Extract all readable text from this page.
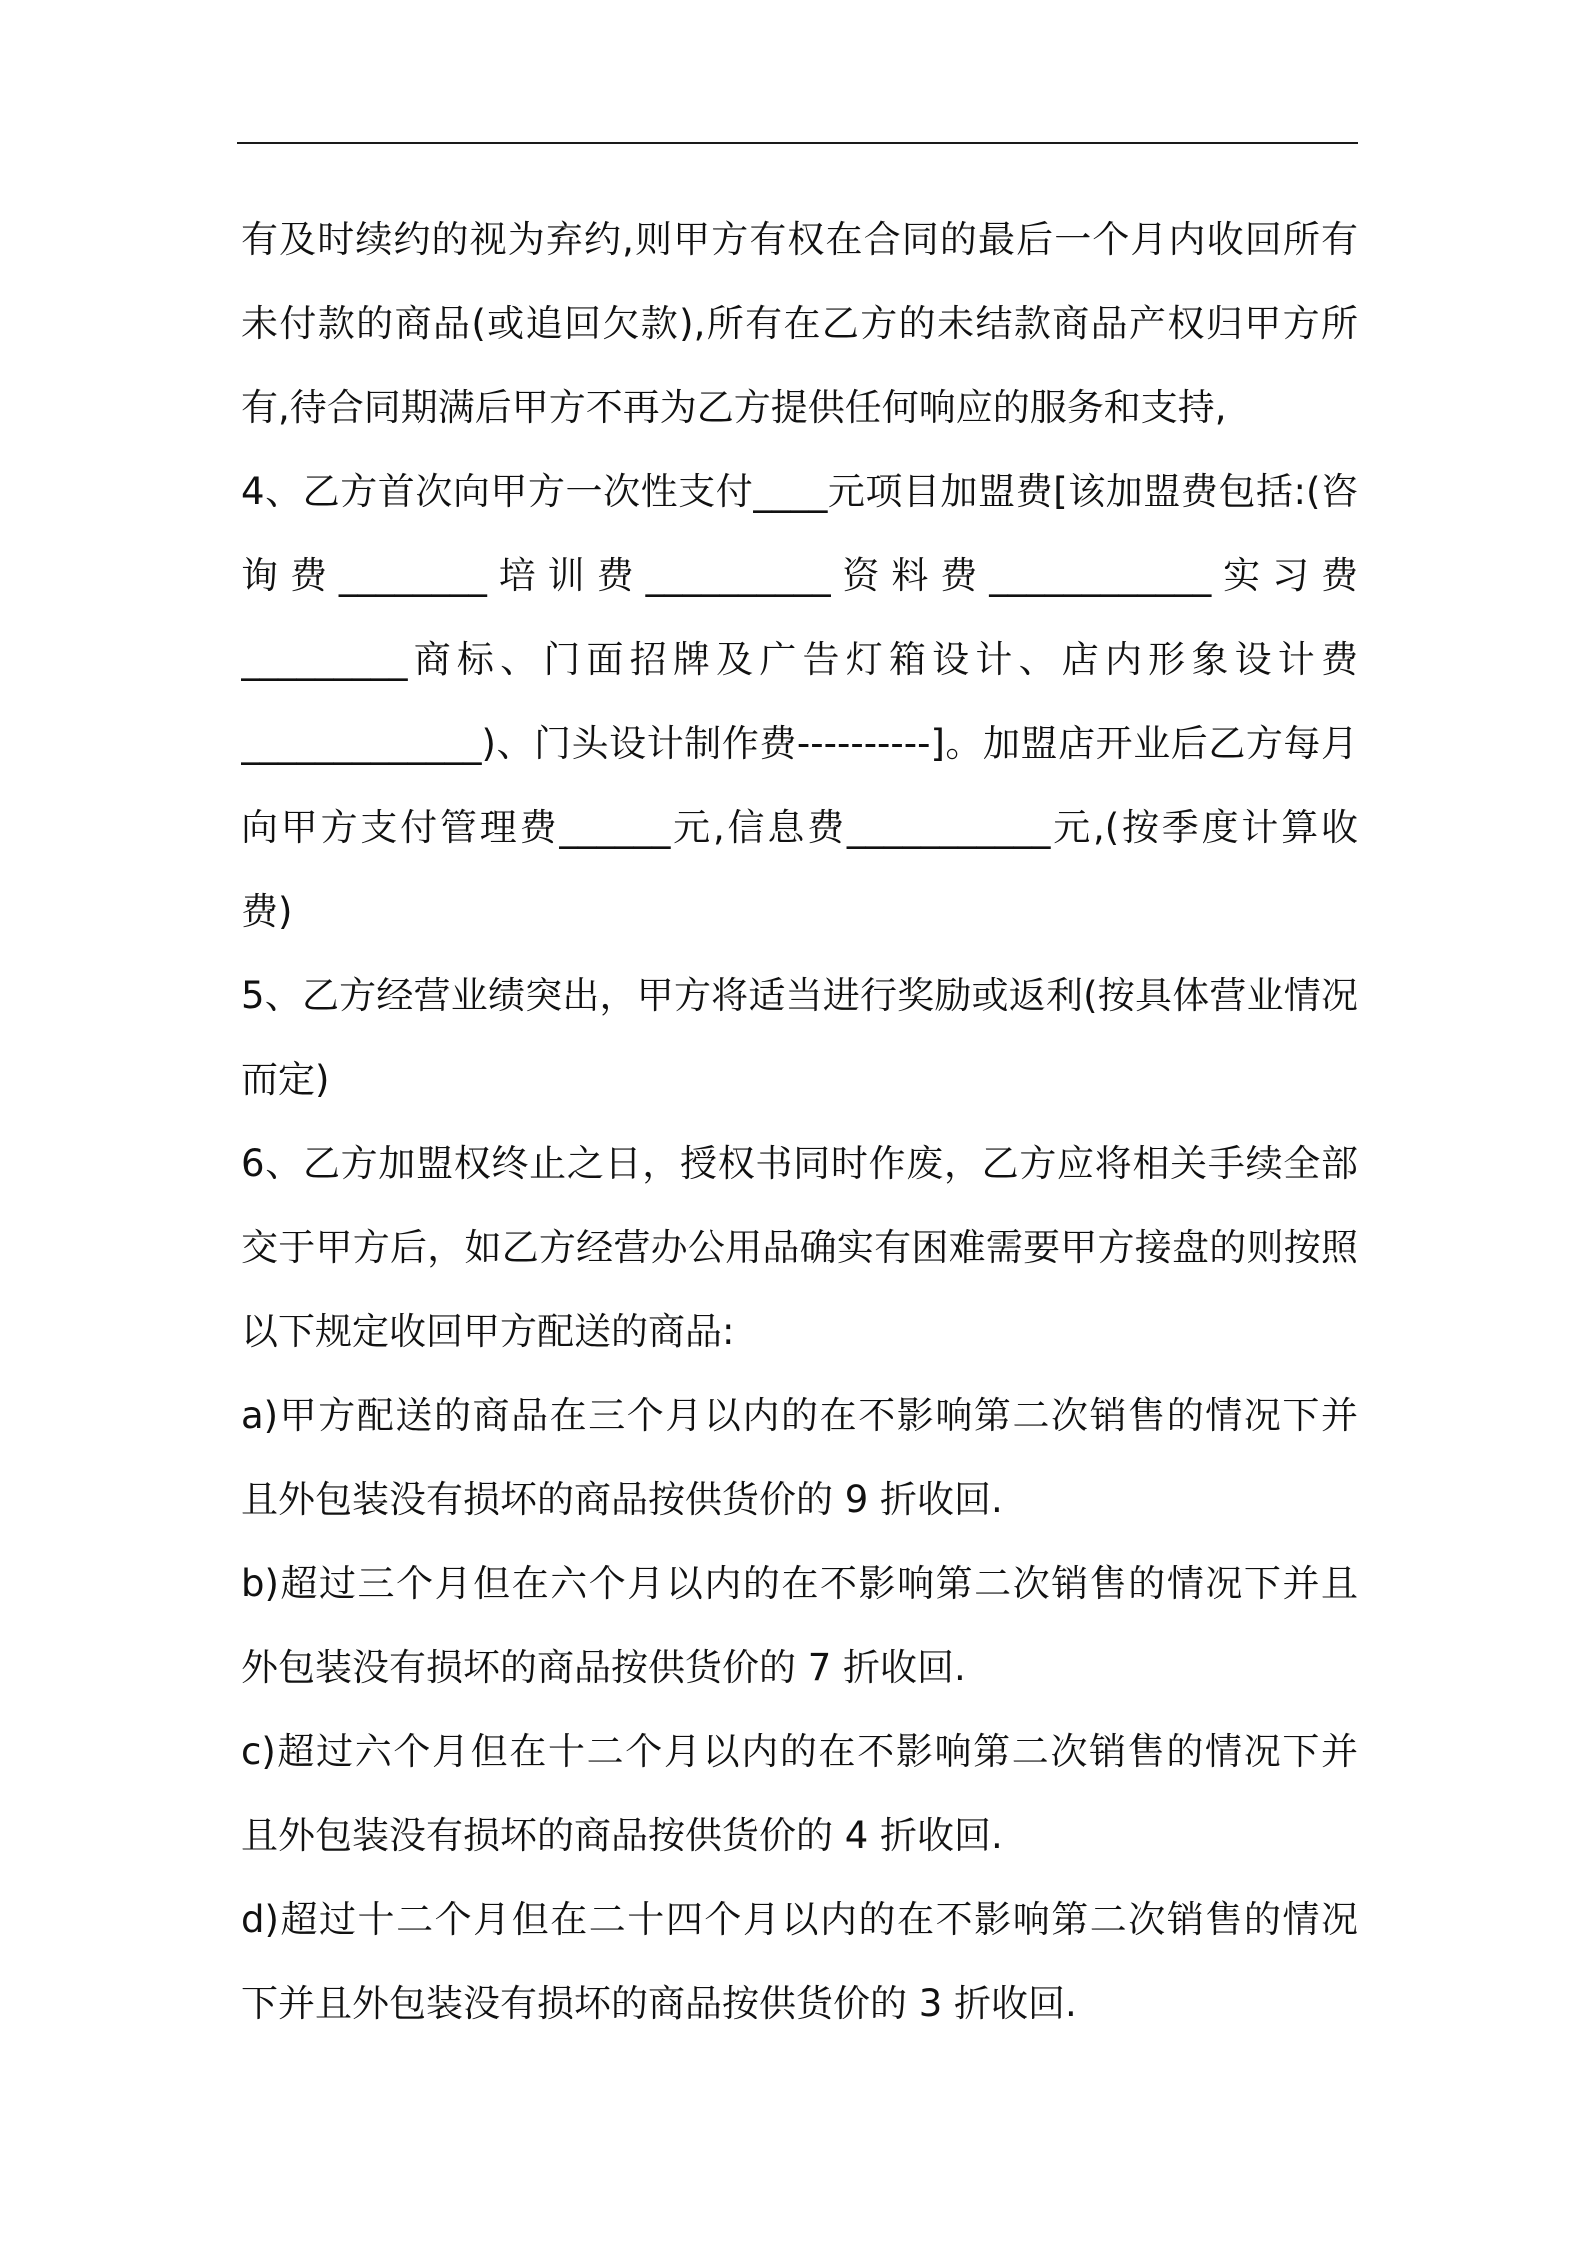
有及时续约的视为弃约,则甲方有权在合同的最后一个月内收回所有
未付款的商品(或追回欠款),所有在乙方的未结款商品产权归甲方所
有,待合同期满后甲方不再为乙方提供任何响应的服务和支持,
4、乙方首次向甲方一次性支付____元项目加盟费[该加盟费包括:(咨
询 费 ________ 培 训 费 __________ 资 料 费 ____________ 实 习 费
_________商标、门面招牌及广告灯箱设计、店内形象设计费
_____________)、门头设计制作费----------]。加盟店开业后乙方每月
向甲方支付管理费______元,信息费___________元,(按季度计算收
费)
5、乙方经营业绩突出，甲方将适当进行奖励或返利(按具体营业情况
而定)
6、乙方加盟权终止之日，授权书同时作废，乙方应将相关手续全部
交于甲方后，如乙方经营办公用品确实有困难需要甲方接盘的则按照
以下规定收回甲方配送的商品:
a)甲方配送的商品在三个月以内的在不影响第二次销售的情况下并
且外包装没有损坏的商品按供货价的 9 折收回.
b)超过三个月但在六个月以内的在不影响第二次销售的情况下并且
外包装没有损坏的商品按供货价的 7 折收回.
c)超过六个月但在十二个月以内的在不影响第二次销售的情况下并
且外包装没有损坏的商品按供货价的 4 折收回.
d)超过十二个月但在二十四个月以内的在不影响第二次销售的情况
下并且外包装没有损坏的商品按供货价的 3 折收回.
